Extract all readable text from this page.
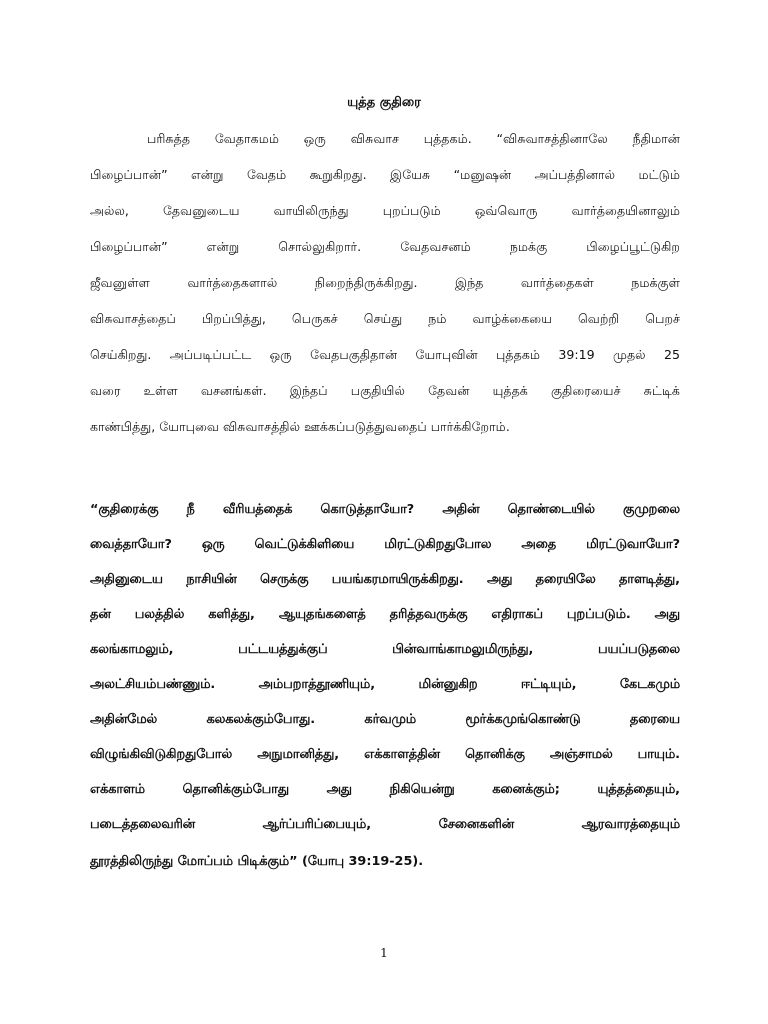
யுத்த குதிரை
பரிசுத்த வேதாகமம் ஒரு விசுவாச புத்தகம். “விசுவாசத்தினாலே நீதிமான்
பிழைப்பான்” என்று வேதம் கூறுகிறது. இயேசு “மனுஷன் அப்பத்தினால் மட்டும்
அல்ல, தேவனுடைய வாயிலிருந்து புறப்படும் ஒவ்வொரு வார்த்தையினாலும்
பிழைப்பான்” என்று சொல்லுகிறார். வேதவசனம் நமக்கு பிழைப்பூட்டுகிற
ஜீவனுள்ள வார்த்தைகளால் நிறைந்திருக்கிறது. இந்த வார்த்தைகள் நமக்குள்
விசுவாசத்தைப் பிறப்பித்து, பெருகச் செய்து நம் வாழ்க்கையை வெற்றி பெறச்
செய்கிறது. அப்படிப்பட்ட ஒரு வேதபகுதிதான் யோபுவின் புத்தகம் 39:19 முதல் 25
வரை உள்ள வசனங்கள். இந்தப் பகுதியில் தேவன் யுத்தக் குதிரையைச் சுட்டிக்
காண்பித்து, யோபுவை விசுவாசத்தில் ஊக்கப்படுத்துவதைப் பார்க்கிறோம்.
“குதிரைக்கு நீ வீரியத்தைக் கொடுத்தாயோ? அதின் தொண்டையில் குமுறலை
வைத்தாயோ? ஒரு வெட்டுக்கிளியை மிரட்டுகிறதுபோல அதை மிரட்டுவாயோ?
அதினுடைய நாசியின் செருக்கு பயங்கரமாயிருக்கிறது. அது தரையிலே தாளடித்து,
தன் பலத்தில் களித்து, ஆயுதங்களைத் தரித்தவருக்கு எதிராகப் புறப்படும். அது
கலங்காமலும், பட்டயத்துக்குப் பின்வாங்காமலுமிருந்து, பயப்படுதலை
அலட்சியம்பண்ணும். அம்பறாத்தூணியும், மின்னுகிற ஈட்டியும், கேடகமும்
அதின்மேல் கலகலக்கும்போது. கர்வமும் மூர்க்கமுங்கொண்டு தரையை
விழுங்கிவிடுகிறதுபோல் அநுமானித்து, எக்காளத்தின் தொனிக்கு அஞ்சாமல் பாயும்.
எக்காளம் தொனிக்கும்போது அது நிகியென்று கனைக்கும்; யுத்தத்தையும்,
படைத்தலைவரின் ஆர்ப்பரிப்பையும், சேனைகளின் ஆரவாரத்தையும்
தூரத்திலிருந்து மோப்பம் பிடிக்கும்” (யோபு 39:19-25).
1
